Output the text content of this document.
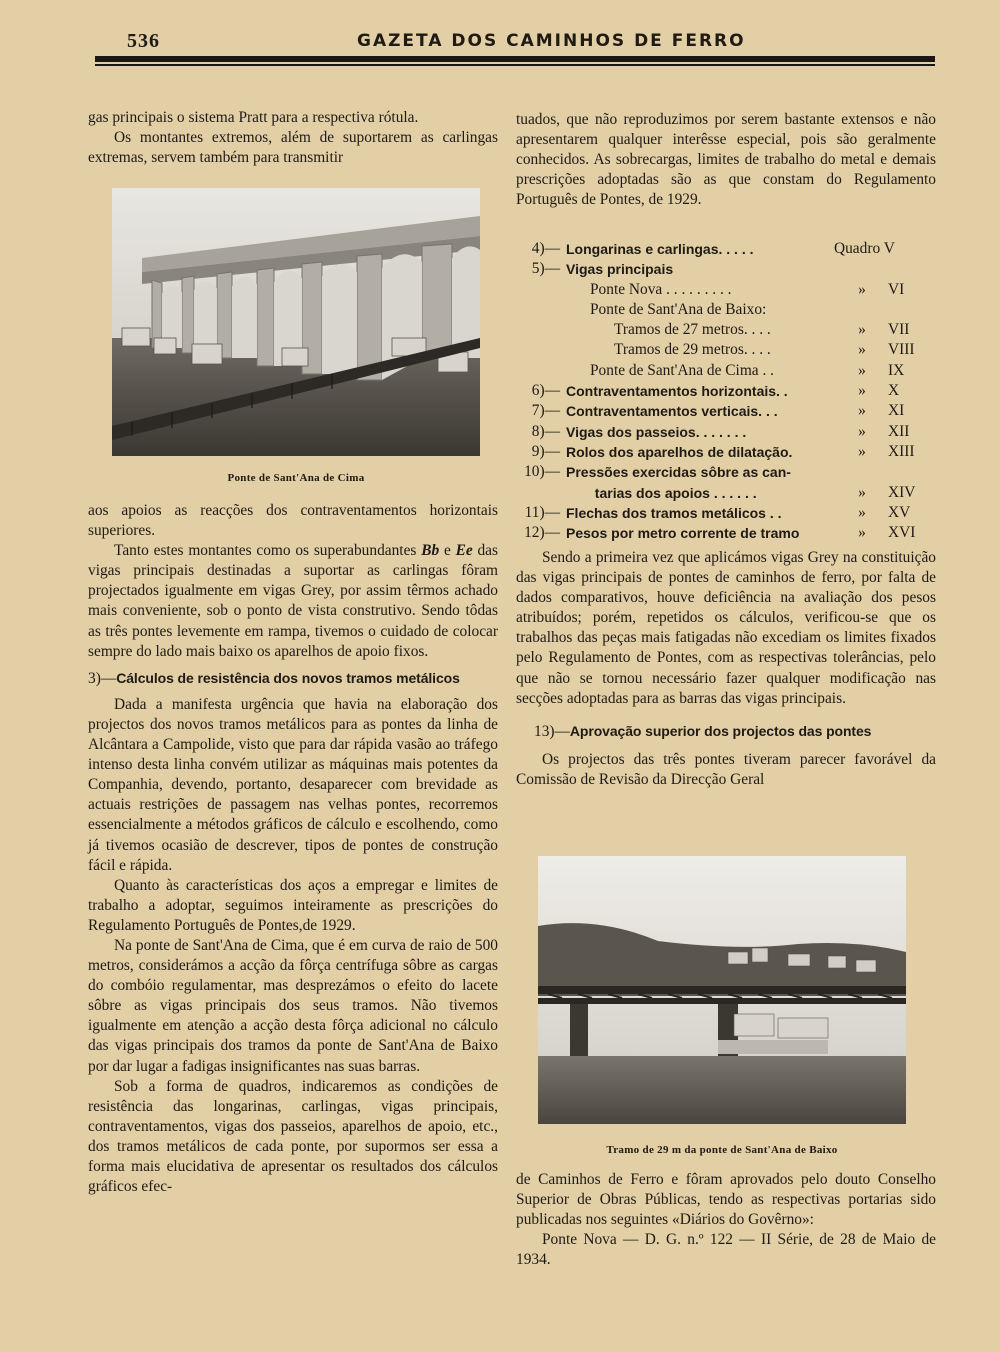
536	GAZETA DOS CAMINHOS DE FERRO

gas principais o sistema Pratt para a respectiva rótula.

Os montantes extremos, além de suportarem as carlingas extremas, servem também para transmitir

Ponte de Sant'Ana de Cima

aos apoios as reacções dos contraventamentos horizontais superiores.

Tanto estes montantes como os superabundantes Bb e Ee das vigas principais destinadas a suportar as carlingas fôram projectados igualmente em vigas Grey, por assim têrmos achado mais conveniente, sob o ponto de vista construtivo. Sendo tôdas as três pontes levemente em rampa, tivemos o cuidado de colocar sempre do lado mais baixo os aparelhos de apoio fixos.

3)—Cálculos de resistência dos novos tramos metálicos

Dada a manifesta urgência que havia na elaboração dos projectos dos novos tramos metálicos para as pontes da linha de Alcântara a Campolide, visto que para dar rápida vasão ao tráfego intenso desta linha convém utilizar as máquinas mais potentes da Companhia, devendo, portanto, desaparecer com brevidade as actuais restrições de passagem nas velhas pontes, recorremos essencialmente a métodos gráficos de cálculo e escolhendo, como já tivemos ocasião de descrever, tipos de pontes de construção fácil e rápida.

Quanto às características dos aços a empregar e limites de trabalho a adoptar, seguimos inteiramente as prescrições do Regulamento Português de Pontes,de 1929.

Na ponte de Sant'Ana de Cima, que é em curva de raio de 500 metros, considerámos a acção da fôrça centrífuga sôbre as cargas do combóio regulamentar, mas desprezámos o efeito do lacete sôbre as vigas principais dos seus tramos. Não tivemos igualmente em atenção a acção desta fôrça adicional no cálculo das vigas principais dos tramos da ponte de Sant'Ana de Baixo por dar lugar a fadigas insignificantes nas suas barras.

Sob a forma de quadros, indicaremos as condições de resistência das longarinas, carlingas, vigas principais, contraventamentos, vigas dos passeios, aparelhos de apoio, etc., dos tramos metálicos de cada ponte, por supormos ser essa a forma mais elucidativa de apresentar os resultados dos cálculos gráficos efec-

tuados, que não reproduzimos por serem bastante extensos e não apresentarem qualquer interêsse especial, pois são geralmente conhecidos. As sobrecargas, limites de trabalho do metal e demais prescrições adoptadas são as que constam do Regulamento Português de Pontes, de 1929.

4)— Longarinas e carlingas. . . . .	Quadro V
5)— Vigas principais
Ponte Nova . . . . . . . . .	»	VI
Ponte de Sant'Ana de Baixo:
Tramos de 27 metros. . . .	»	VII
Tramos de 29 metros. . . .	»	VIII
Ponte de Sant'Ana de Cima . .	»	IX
6)— Contraventamentos horizontais. .	»	X
7)— Contraventamentos verticais. . .	»	XI
8)— Vigas dos passeios. . . . . . .	»	XII
9)— Rolos dos aparelhos de dilatação.	»	XIII
10)— Pressões exercidas sôbre as can-
tarias dos apoios . . . . . .	»	XIV
11)— Flechas dos tramos metálicos . .	»	XV
12)— Pesos por metro corrente de tramo	»	XVI

Sendo a primeira vez que aplicámos vigas Grey na constituição das vigas principais de pontes de caminhos de ferro, por falta de dados comparativos, houve deficiência na avaliação dos pesos atribuídos; porém, repetidos os cálculos, verificou-se que os trabalhos das peças mais fatigadas não excediam os limites fixados pelo Regulamento de Pontes, com as respectivas tolerâncias, pelo que não se tornou necessário fazer qualquer modificação nas secções adoptadas para as barras das vigas principais.

13)—Aprovação superior dos projectos das pontes

Os projectos das três pontes tiveram parecer favorável da Comissão de Revisão da Direcção Geral

Tramo de 29 m da ponte de Sant'Ana de Baixo

de Caminhos de Ferro e fôram aprovados pelo douto Conselho Superior de Obras Públicas, tendo as respectivas portarias sido publicadas nos seguintes «Diários do Govêrno»:

Ponte Nova — D. G. n.º 122 — II Série, de 28 de Maio de 1934.
